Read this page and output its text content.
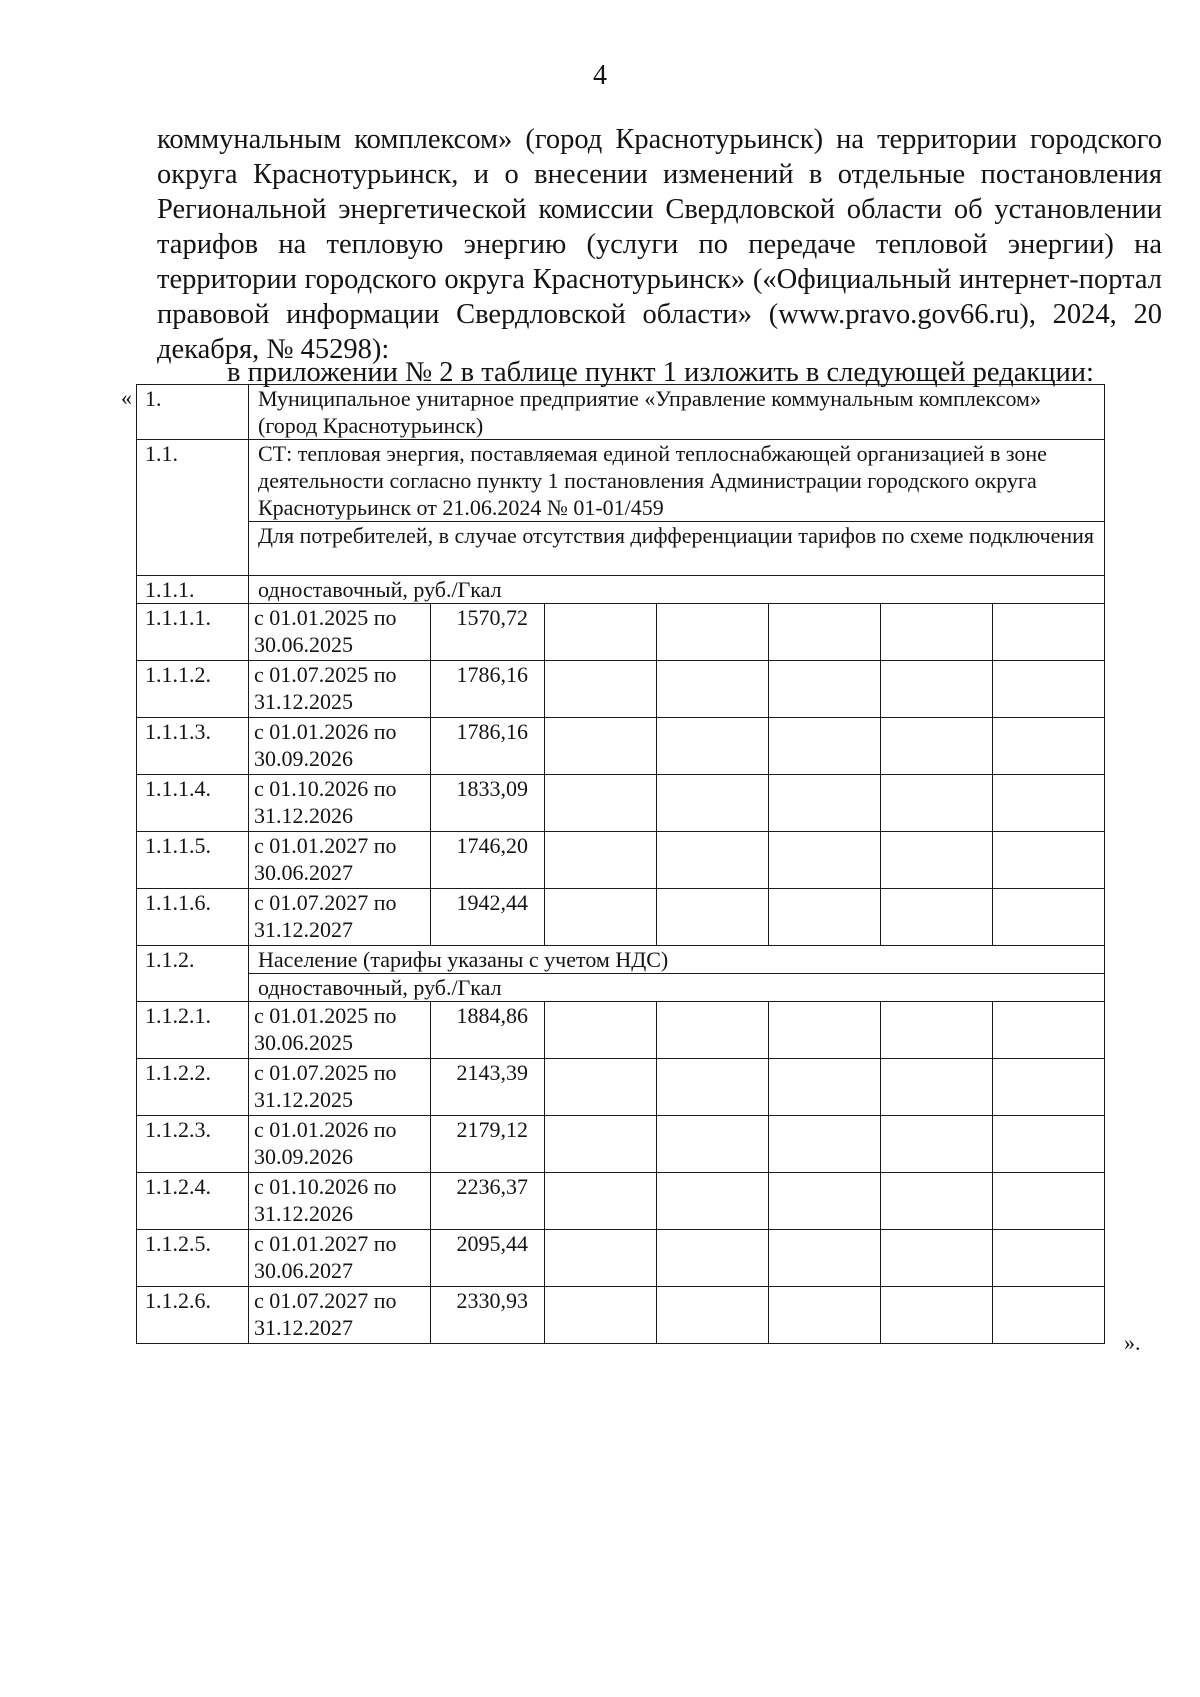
4
коммунальным комплексом» (город Краснотурьинск) на территории городского округа Краснотурьинск, и о внесении изменений в отдельные постановления Региональной энергетической комиссии Свердловской области об установлении тарифов на тепловую энергию (услуги по передаче тепловой энергии) на территории городского округа Краснотурьинск» («Официальный интернет-портал правовой информации Свердловской области» (www.pravo.gov66.ru), 2024, 20 декабря, № 45298):
в приложении № 2 в таблице пункт 1 изложить в следующей редакции:
«
».
1.	Муниципальное унитарное предприятие «Управление коммунальным комплексом» (город Краснотурьинск)						
1.1.	СТ: тепловая энергия, поставляемая единой теплоснабжающей организацией в зоне деятельности согласно пункту 1 постановления Администрации городского округа Краснотурьинск от 21.06.2024 № 01-01/459						
	Для потребителей, в случае отсутствия дифференциации тарифов по схеме подключения						
1.1.1.	одноставочный, руб./Гкал						
1.1.1.1.	с 01.01.2025 по 30.06.2025	1570,72					
1.1.1.2.	с 01.07.2025 по 31.12.2025	1786,16					
1.1.1.3.	с 01.01.2026 по 30.09.2026	1786,16					
1.1.1.4.	с 01.10.2026 по 31.12.2026	1833,09					
1.1.1.5.	с 01.01.2027 по 30.06.2027	1746,20					
1.1.1.6.	с 01.07.2027 по 31.12.2027	1942,44					
1.1.2.	Население (тарифы указаны с учетом НДС)						
	одноставочный, руб./Гкал						
1.1.2.1.	с 01.01.2025 по 30.06.2025	1884,86					
1.1.2.2.	с 01.07.2025 по 31.12.2025	2143,39					
1.1.2.3.	с 01.01.2026 по 30.09.2026	2179,12					
1.1.2.4.	с 01.10.2026 по 31.12.2026	2236,37					
1.1.2.5.	с 01.01.2027 по 30.06.2027	2095,44					
1.1.2.6.	с 01.07.2027 по 31.12.2027	2330,93					
